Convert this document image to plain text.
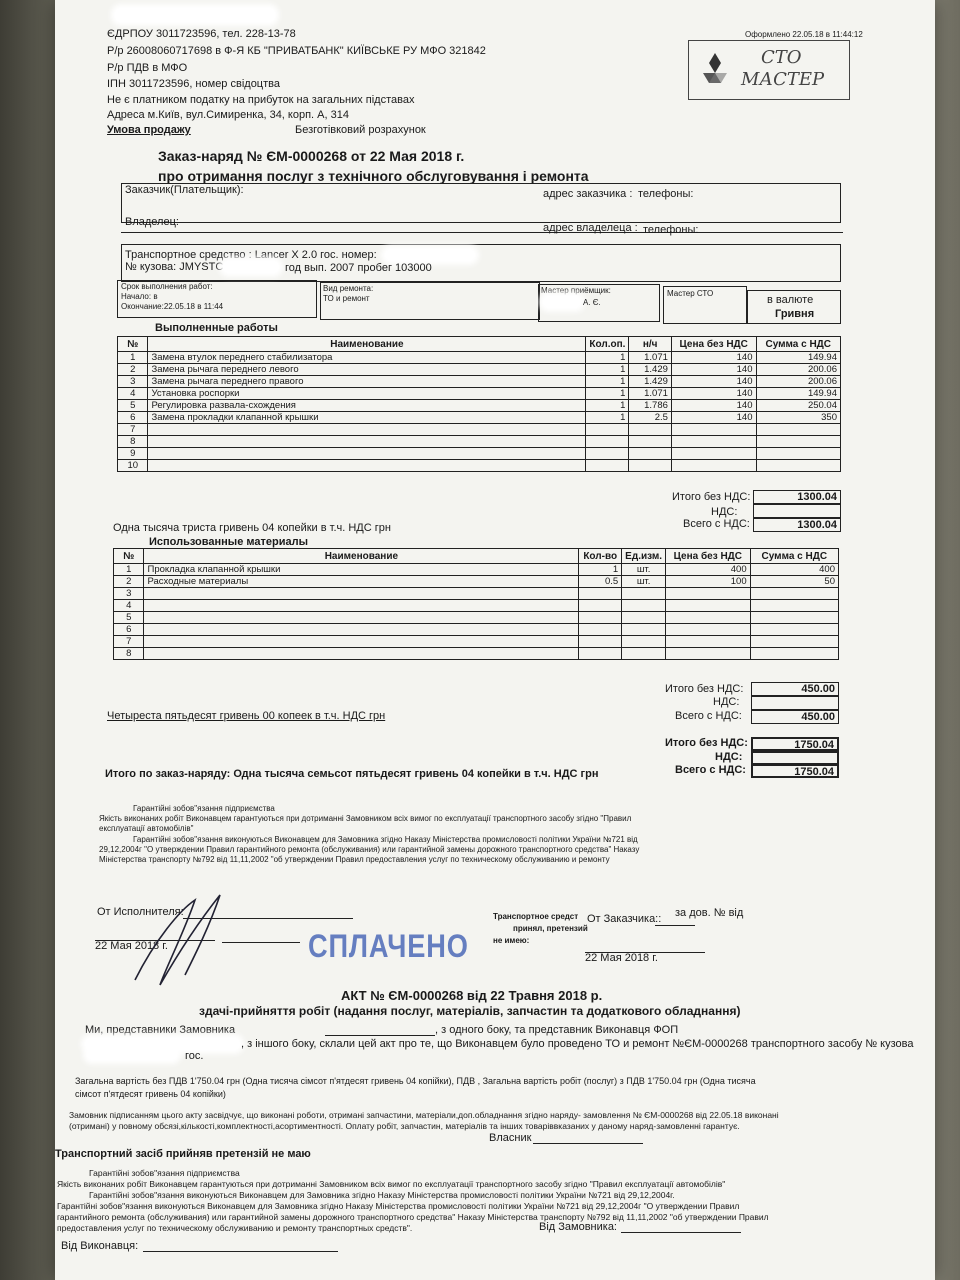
ЄДРПОУ 3011723596, тел. 228-13-78
Р/р 26008060717698 в Ф-Я КБ "ПРИВАТБАНК" КИЇВСЬКЕ РУ МФО 321842
Р/р ПДВ в МФО
ІПН 3011723596, номер свідоцтва
Не є платником податку на прибуток на загальних підставах
Адреса м.Київ, вул.Симиренка, 34, корп. А, 314
Умова продажу	Безготівковий розрахунок
Оформлено 22.05.18 в 11:44:12
СТО
МАСТЕР
Заказ-наряд № ЄМ-0000268 от 22 Мая 2018 г.
про отримання послуг з технічного обслуговування і ремонта
Заказчик(Плательщик):	адрес заказчика : телефоны:
Владелец:	адрес владелеца : телефоны:
Транспортное средство : Lancer X 2.0 гос. номер:
№ кузова: JMYSTC	год вып. 2007 пробег 103000
Срок выполнения работ:
Начало: в
Окончание:22.05.18 в 11:44
Вид ремонта:
ТО и ремонт
Мастер приёмщик:
А. Є.
Мастер СТО
в валюте
Гривня
Выполненные работы
№	Наименование	Кол.оп.	н/ч	Цена без НДС	Сумма с НДС
1	Замена втулок переднего стабилизатора	1	1.071	140	149.94
2	Замена рычага переднего левого	1	1.429	140	200.06
3	Замена рычага переднего правого	1	1.429	140	200.06
4	Установка роспорки	1	1.071	140	149.94
5	Регулировка развала-схождения	1	1.786	140	250.04
6	Замена прокладки клапанной крышки	1	2.5	140	350
7					
8					
9					
10					
Итого без НДС:	1300.04
НДС:
Всего с НДС:	1300.04
Одна тысяча триста гривень 04 копейки в т.ч. НДС грн
Использованные материалы
№	Наименование	Кол-во	Ед.изм.	Цена без НДС	Сумма с НДС
1	Прокладка клапанной крышки	1	шт.	400	400
2	Расходные материалы	0.5	шт.	100	50
3					
4					
5					
6					
7					
8					
Итого без НДС:	450.00
НДС:
Всего с НДС:	450.00
Четыреста пятьдесят гривень 00 копеек в т.ч. НДС грн
Итого без НДС:	1750.04
НДС:
Всего с НДС:	1750.04
Итого по заказ-наряду: Одна тысяча семьсот пятьдесят гривень 04 копейки в т.ч. НДС грн
Гарантійні зобов"язання підприємства
Якість виконаних робіт Виконавцем гарантуються при дотриманні Замовником всіх вимог по експлуатації транспортного засобу згідно "Правил
експлуатації автомобілів"
Гарантійні зобов"язання виконуються Виконавцем для Замовника згідно Наказу Міністерства промисловості політики України №721 від
29,12,2004г "О утверждении Правил гарантийного ремонта (обслуживания) или гарантийной замены дорожного транспортного средства" Наказу
Міністерства транспорту №792 від 11,11,2002 "об утверждении Правил предоставления услуг по техническому обслуживанию и ремонту
От Исполнителя:
22 Мая 2018 г.	СПЛАЧЕНО
Транспортное средст
принял, претензий
не имею:
От Заказчика:: за дов. № від
22 Мая 2018 г.
АКТ № ЄМ-0000268 від 22 Травня 2018 р.
здачі-прийняття робіт (надання послуг, матеріалів, запчастин та додаткового обладнання)
Ми, представники Замовника	, з одного боку, та представник Виконавця ФОП
, з іншого боку, склали цей акт про те, що Виконавцем було проведено ТО и ремонт №ЄМ-0000268 транспортного засобу № кузова
гос.
Загальна вартість без ПДВ 1'750.04 грн (Одна тисяча сімсот п'ятдесят гривень 04 копійки), ПДВ , Загальна вартість робіт (послуг) з ПДВ 1'750.04 грн (Одна тисяча
сімсот п'ятдесят гривень 04 копійки)
Замовник підписанням цього акту засвідчує, що виконані роботи, отримані запчастини, матеріали,доп.обладнання згідно наряду- замовлення № ЄМ-0000268 від 22.05.18 виконані
(отримані) у повному обсязі,кількості,комплектності,асортиментності. Оплату робіт, запчастин, матеріалів та інших товаріввказаних у даному наряд-замовленні гарантує.
Власник
Транспортний засіб прийняв претензій не маю
Гарантійні зобов"язання підприємства
Якість виконаних робіт Виконавцем гарантуються при дотриманні Замовником всіх вимог по експлуатації транспортного засобу згідно "Правил експлуатації автомобілів"
Гарантійні зобов"язання виконуються Виконавцем для Замовника згідно Наказу Міністерства промисловості політики України №721 від 29,12,2004г.
Гарантійні зобов"язання виконуються Виконавцем для Замовника згідно Наказу Міністерства промисловості політики України №721 від 29,12,2004г "О утверждении Правил
гарантийного ремонта (обслуживания) или гарантийной замены дорожного транспортного средства" Наказу Міністерства транспорту №792 від 11,11,2002 "об утверждении Правил
предоставления услуг по техническому обслуживанию и ремонту транспортных средств".	Від Замовника:
Від Виконавця:
